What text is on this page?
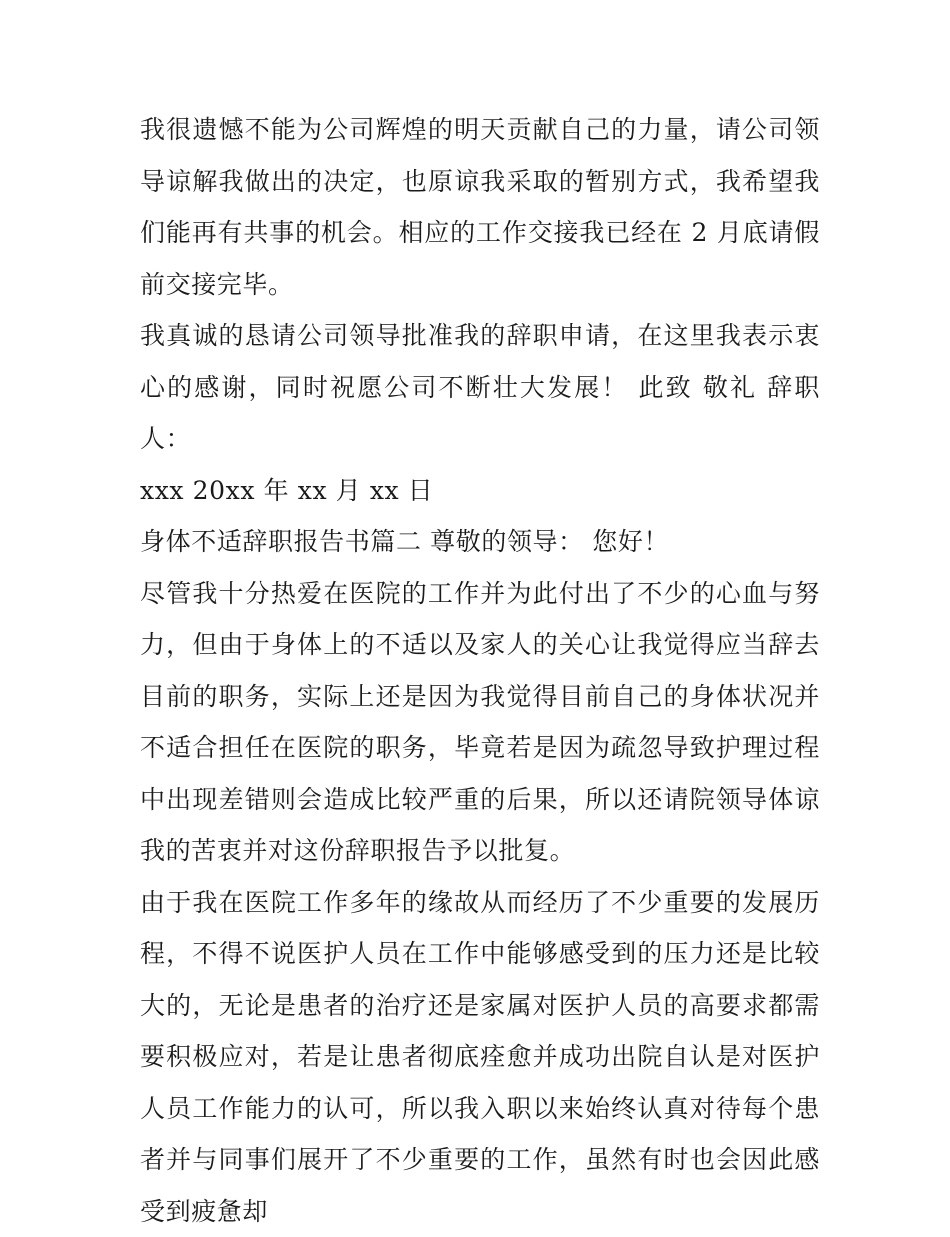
我很遗憾不能为公司辉煌的明天贡献自己的力量，请公司领导谅解我做出的决定，也原谅我采取的暂别方式，我希望我们能再有共事的机会。相应的工作交接我已经在 2 月底请假前交接完毕。

我真诚的恳请公司领导批准我的辞职申请，在这里我表示衷心的感谢，同时祝愿公司不断壮大发展！ 此致 敬礼 辞职人：

xxx 20xx 年 xx 月 xx 日

身体不适辞职报告书篇二 尊敬的领导： 您好！

尽管我十分热爱在医院的工作并为此付出了不少的心血与努力，但由于身体上的不适以及家人的关心让我觉得应当辞去目前的职务，实际上还是因为我觉得目前自己的身体状况并不适合担任在医院的职务，毕竟若是因为疏忽导致护理过程中出现差错则会造成比较严重的后果，所以还请院领导体谅我的苦衷并对这份辞职报告予以批复。

由于我在医院工作多年的缘故从而经历了不少重要的发展历程，不得不说医护人员在工作中能够感受到的压力还是比较大的，无论是患者的治疗还是家属对医护人员的高要求都需要积极应对，若是让患者彻底痊愈并成功出院自认是对医护人员工作能力的认可，所以我入职以来始终认真对待每个患者并与同事们展开了不少重要的工作，虽然有时也会因此感受到疲惫却
